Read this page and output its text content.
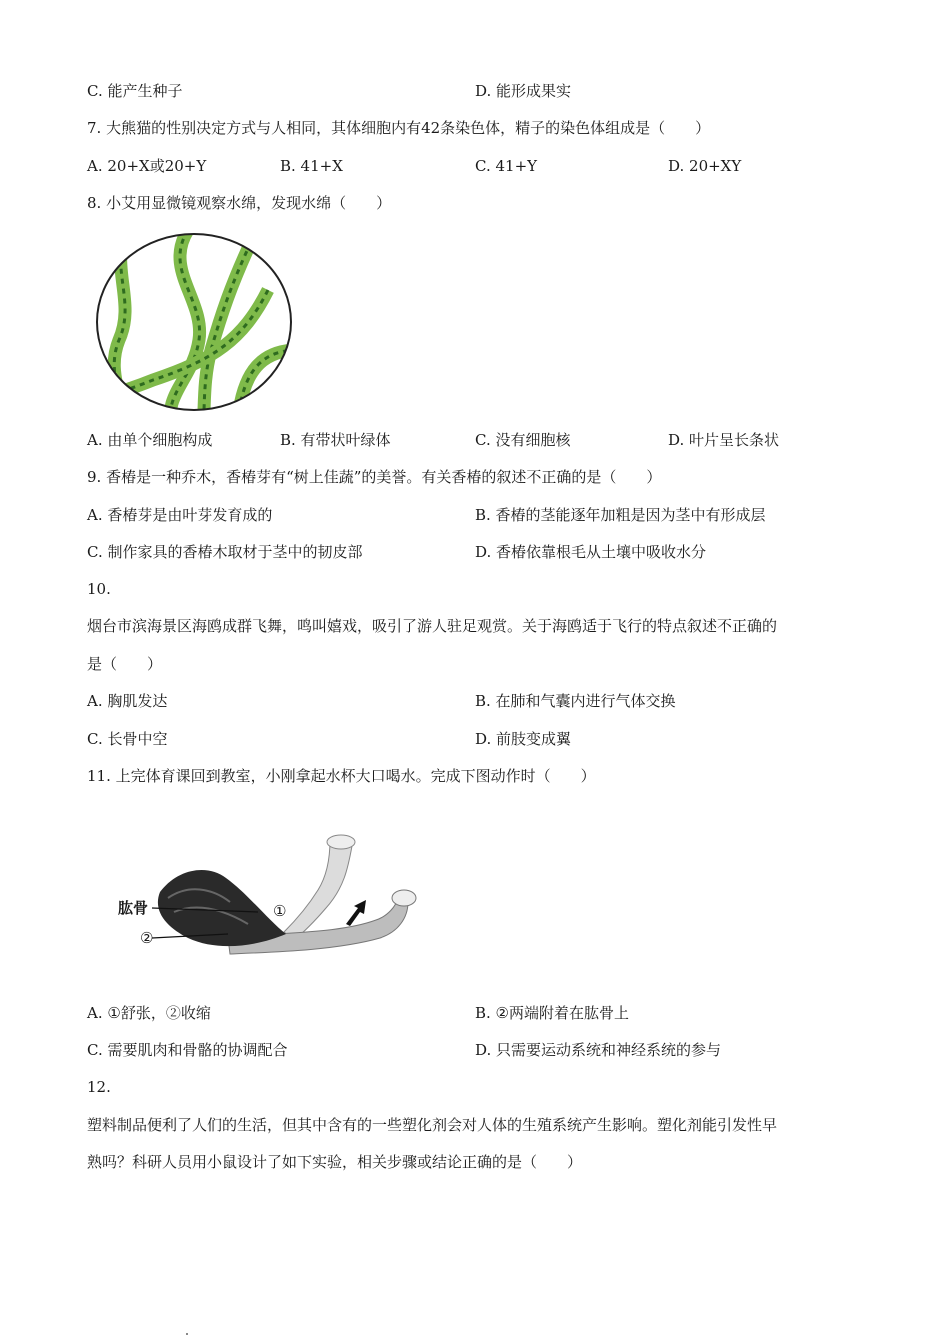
C. 能产生种子	D. 能形成果实
7. 大熊猫的性别决定方式与人相同，其体细胞内有42条染色体，精子的染色体组成是（　　）
A. 20+X或20+Y	B. 41+X	C. 41+Y	D. 20+XY
8. 小艾用显微镜观察水绵，发现水绵（　　）
A. 由单个细胞构成	B. 有带状叶绿体	C. 没有细胞核	D. 叶片呈长条状
9. 香椿是一种乔木，香椿芽有“树上佳蔬”的美誉。有关香椿的叙述不正确的是（　　）
A. 香椿芽是由叶芽发育成的	B. 香椿的茎能逐年加粗是因为茎中有形成层
C. 制作家具的香椿木取材于茎中的韧皮部	D. 香椿依靠根毛从土壤中吸收水分
10.
烟台市滨海景区海鸥成群飞舞，鸣叫嬉戏，吸引了游人驻足观赏。关于海鸥适于飞行的特点叙述不正确的
是（　　）
A. 胸肌发达	B. 在肺和气囊内进行气体交换
C. 长骨中空	D. 前肢变成翼
11. 上完体育课回到教室，小刚拿起水杯大口喝水。完成下图动作时（　　）
肱骨	①
②
A. ①舒张，②收缩	B. ②两端附着在肱骨上
C. 需要肌肉和骨骼的协调配合	D. 只需要运动系统和神经系统的参与
12.
塑料制品便利了人们的生活，但其中含有的一些塑化剂会对人体的生殖系统产生影响。塑化剂能引发性早
熟吗？科研人员用小鼠设计了如下实验，相关步骤或结论正确的是（　　）
